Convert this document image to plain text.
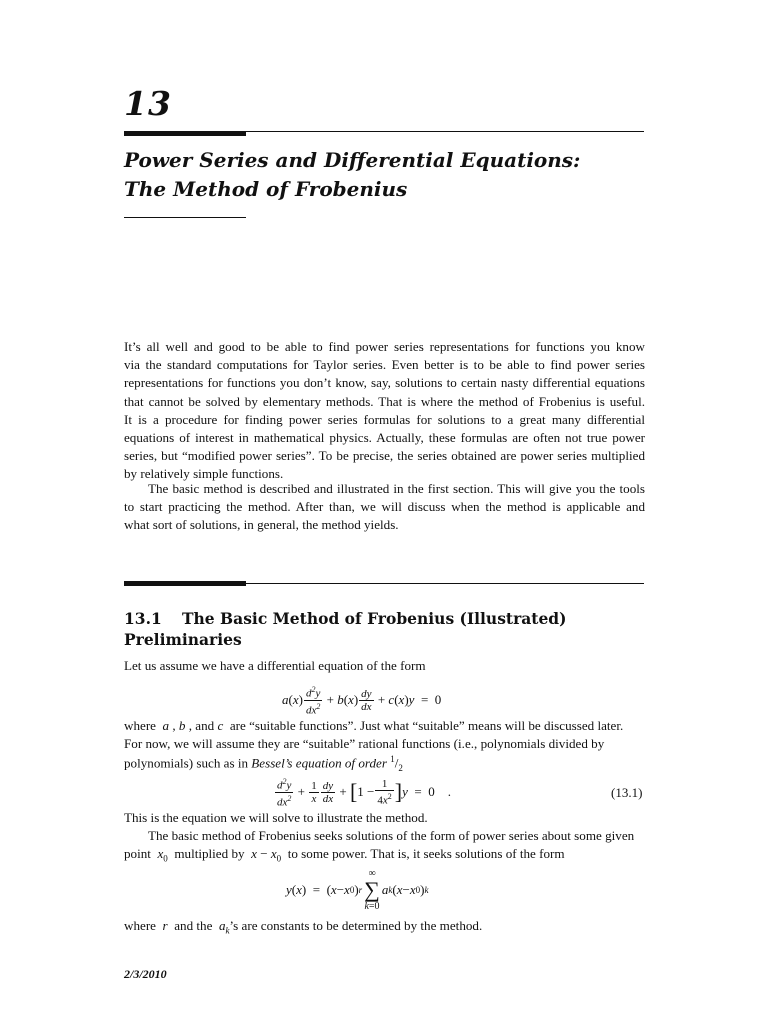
13
Power Series and Differential Equations:
The Method of Frobenius
It’s all well and good to be able to find power series representations for functions you know
via the standard computations for Taylor series. Even better is to be able to find power series
representations for functions you don’t know, say, solutions to certain nasty differential equations
that cannot be solved by elementary methods. That is where the method of Frobenius is useful.
It is a procedure for finding power series formulas for solutions to a great many differential
equations of interest in mathematical physics. Actually, these formulas are often not true power
series, but “modified power series”. To be precise, the series obtained are power series multiplied
by relatively simple functions.
The basic method is described and illustrated in the first section. This will give you the tools
to start practicing the method. After than, we will discuss when the method is applicable and
what sort of solutions, in general, the method yields.
13.1 The Basic Method of Frobenius (Illustrated)
Preliminaries
Let us assume we have a differential equation of the form
a ( x ) $\frac{d^2y}{dx^2} + b$ ( x ) $\frac{dy}{dx} + c$ ( x ) y =  0
where  a , b , and c  are “suitable functions”. Just what “suitable” means will be discussed later.
For now, we will assume they are “suitable” rational functions (i.e., polynomials divided by
polynomials) such as in Bessel’s equation of order $^1/_2$
$\frac{d^2y}{dx^2} + \frac{1}{x} \frac{dy}{dx}$ + [ $1 - \frac{1}{4x^2}$ ] y =  0    .	(13.1)
This is the equation we will solve to illustrate the method.
The basic method of Frobenius seeks solutions of the form of power series about some given
point  $x_0$ multiplied by  $x - x_0$ to some power. That is, it seeks solutions of the form
y ( x )  =  ( x − x 0 ) r
∞
∑
k=0
a k ( x − x 0 ) k
where  r  and the  $a_k’s$ are constants to be determined by the method.
2/3/2010
